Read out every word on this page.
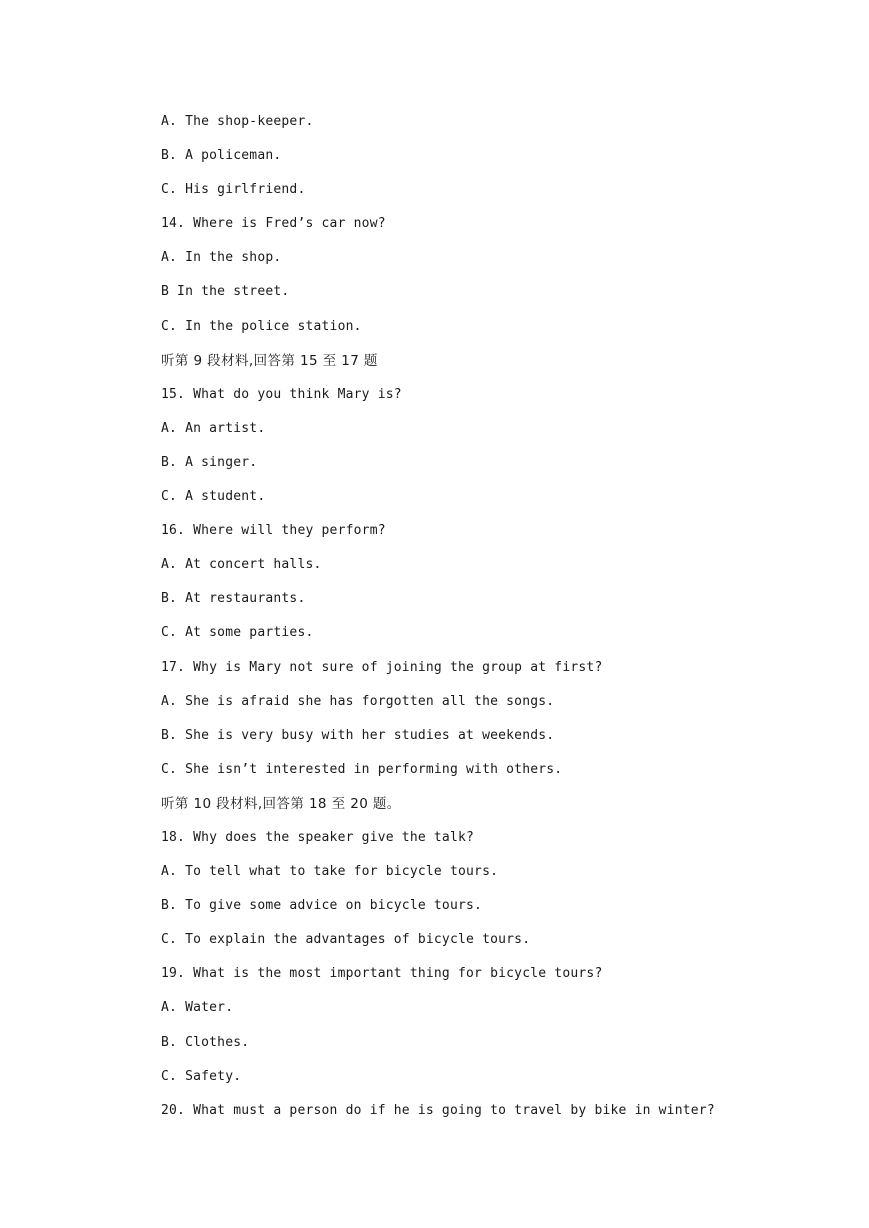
A. The shop-keeper.
B. A policeman.
C. His girlfriend.
14. Where is Fred’s car now?
A. In the shop.
B In the street.
C. In the police station.
听第 9 段材料,回答第 15 至 17 题
15. What do you think Mary is?
A. An artist.
B. A singer.
C. A student.
16. Where will they perform?
A. At concert halls.
B. At restaurants.
C. At some parties.
17. Why is Mary not sure of joining the group at first?
A. She is afraid she has forgotten all the songs.
B. She is very busy with her studies at weekends.
C. She isn’t interested in performing with others.
听第 10 段材料,回答第 18 至 20 题。
18. Why does the speaker give the talk?
A. To tell what to take for bicycle tours.
B. To give some advice on bicycle tours.
C. To explain the advantages of bicycle tours.
19. What is the most important thing for bicycle tours?
A. Water.
B. Clothes.
C. Safety.
20. What must a person do if he is going to travel by bike in winter?
